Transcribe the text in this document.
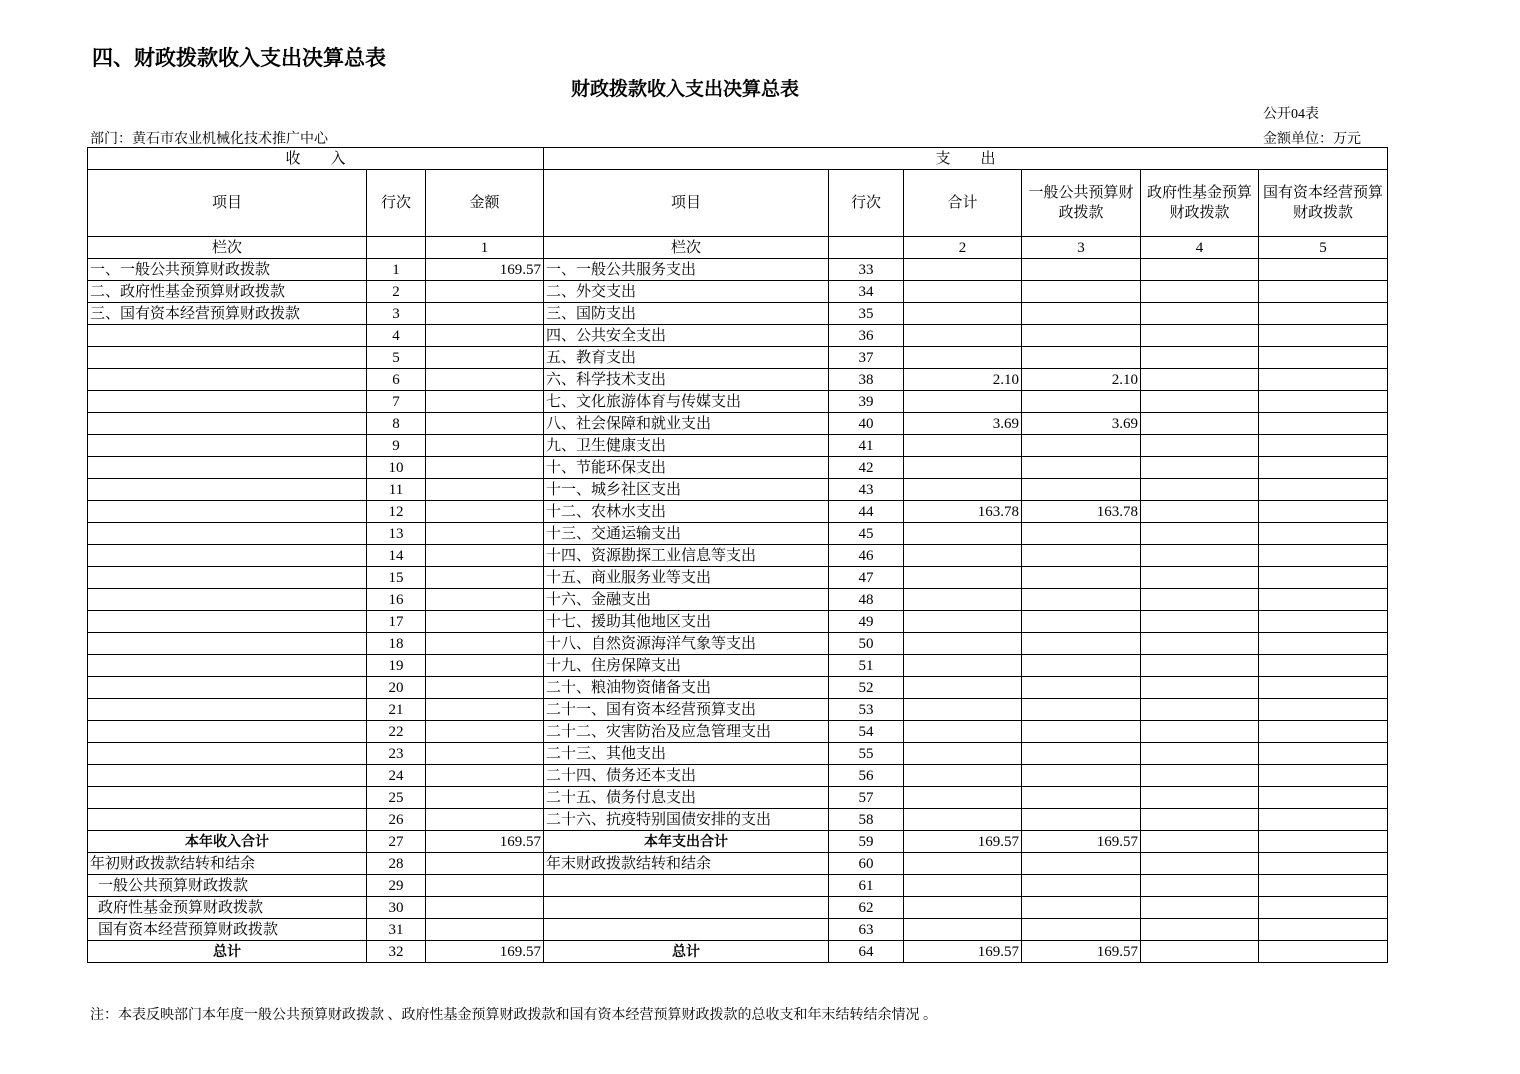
四、财政拨款收入支出决算总表
财政拨款收入支出决算总表
公开04表
部门：黄石市农业机械化技术推广中心	金额单位：万元
收　　入			支　　出					
项目	行次	金额	项目	行次	合计	一般公共预算财政拨款	政府性基金预算财政拨款	国有资本经营预算财政拨款
栏次		1	栏次		2	3	4	5
一、一般公共预算财政拨款	1	169.57	一、一般公共服务支出	33				
二、政府性基金预算财政拨款	2		二、外交支出	34				
三、国有资本经营预算财政拨款	3		三、国防支出	35				
	4		四、公共安全支出	36				
	5		五、教育支出	37				
	6		六、科学技术支出	38	2.10	2.10		
	7		七、文化旅游体育与传媒支出	39				
	8		八、社会保障和就业支出	40	3.69	3.69		
	9		九、卫生健康支出	41				
	10		十、节能环保支出	42				
	11		十一、城乡社区支出	43				
	12		十二、农林水支出	44	163.78	163.78		
	13		十三、交通运输支出	45				
	14		十四、资源勘探工业信息等支出	46				
	15		十五、商业服务业等支出	47				
	16		十六、金融支出	48				
	17		十七、援助其他地区支出	49				
	18		十八、自然资源海洋气象等支出	50				
	19		十九、住房保障支出	51				
	20		二十、粮油物资储备支出	52				
	21		二十一、国有资本经营预算支出	53				
	22		二十二、灾害防治及应急管理支出	54				
	23		二十三、其他支出	55				
	24		二十四、债务还本支出	56				
	25		二十五、债务付息支出	57				
	26		二十六、抗疫特别国债安排的支出	58				
本年收入合计	27	169.57	本年支出合计	59	169.57	169.57		
年初财政拨款结转和结余	28		年末财政拨款结转和结余	60				
一般公共预算财政拨款	29			61				
政府性基金预算财政拨款	30			62				
国有资本经营预算财政拨款	31			63				
总计	32	169.57	总计	64	169.57	169.57		
注：本表反映部门本年度一般公共预算财政拨款 、政府性基金预算财政拨款和国有资本经营预算财政拨款的总收支和年末结转结余情况 。
